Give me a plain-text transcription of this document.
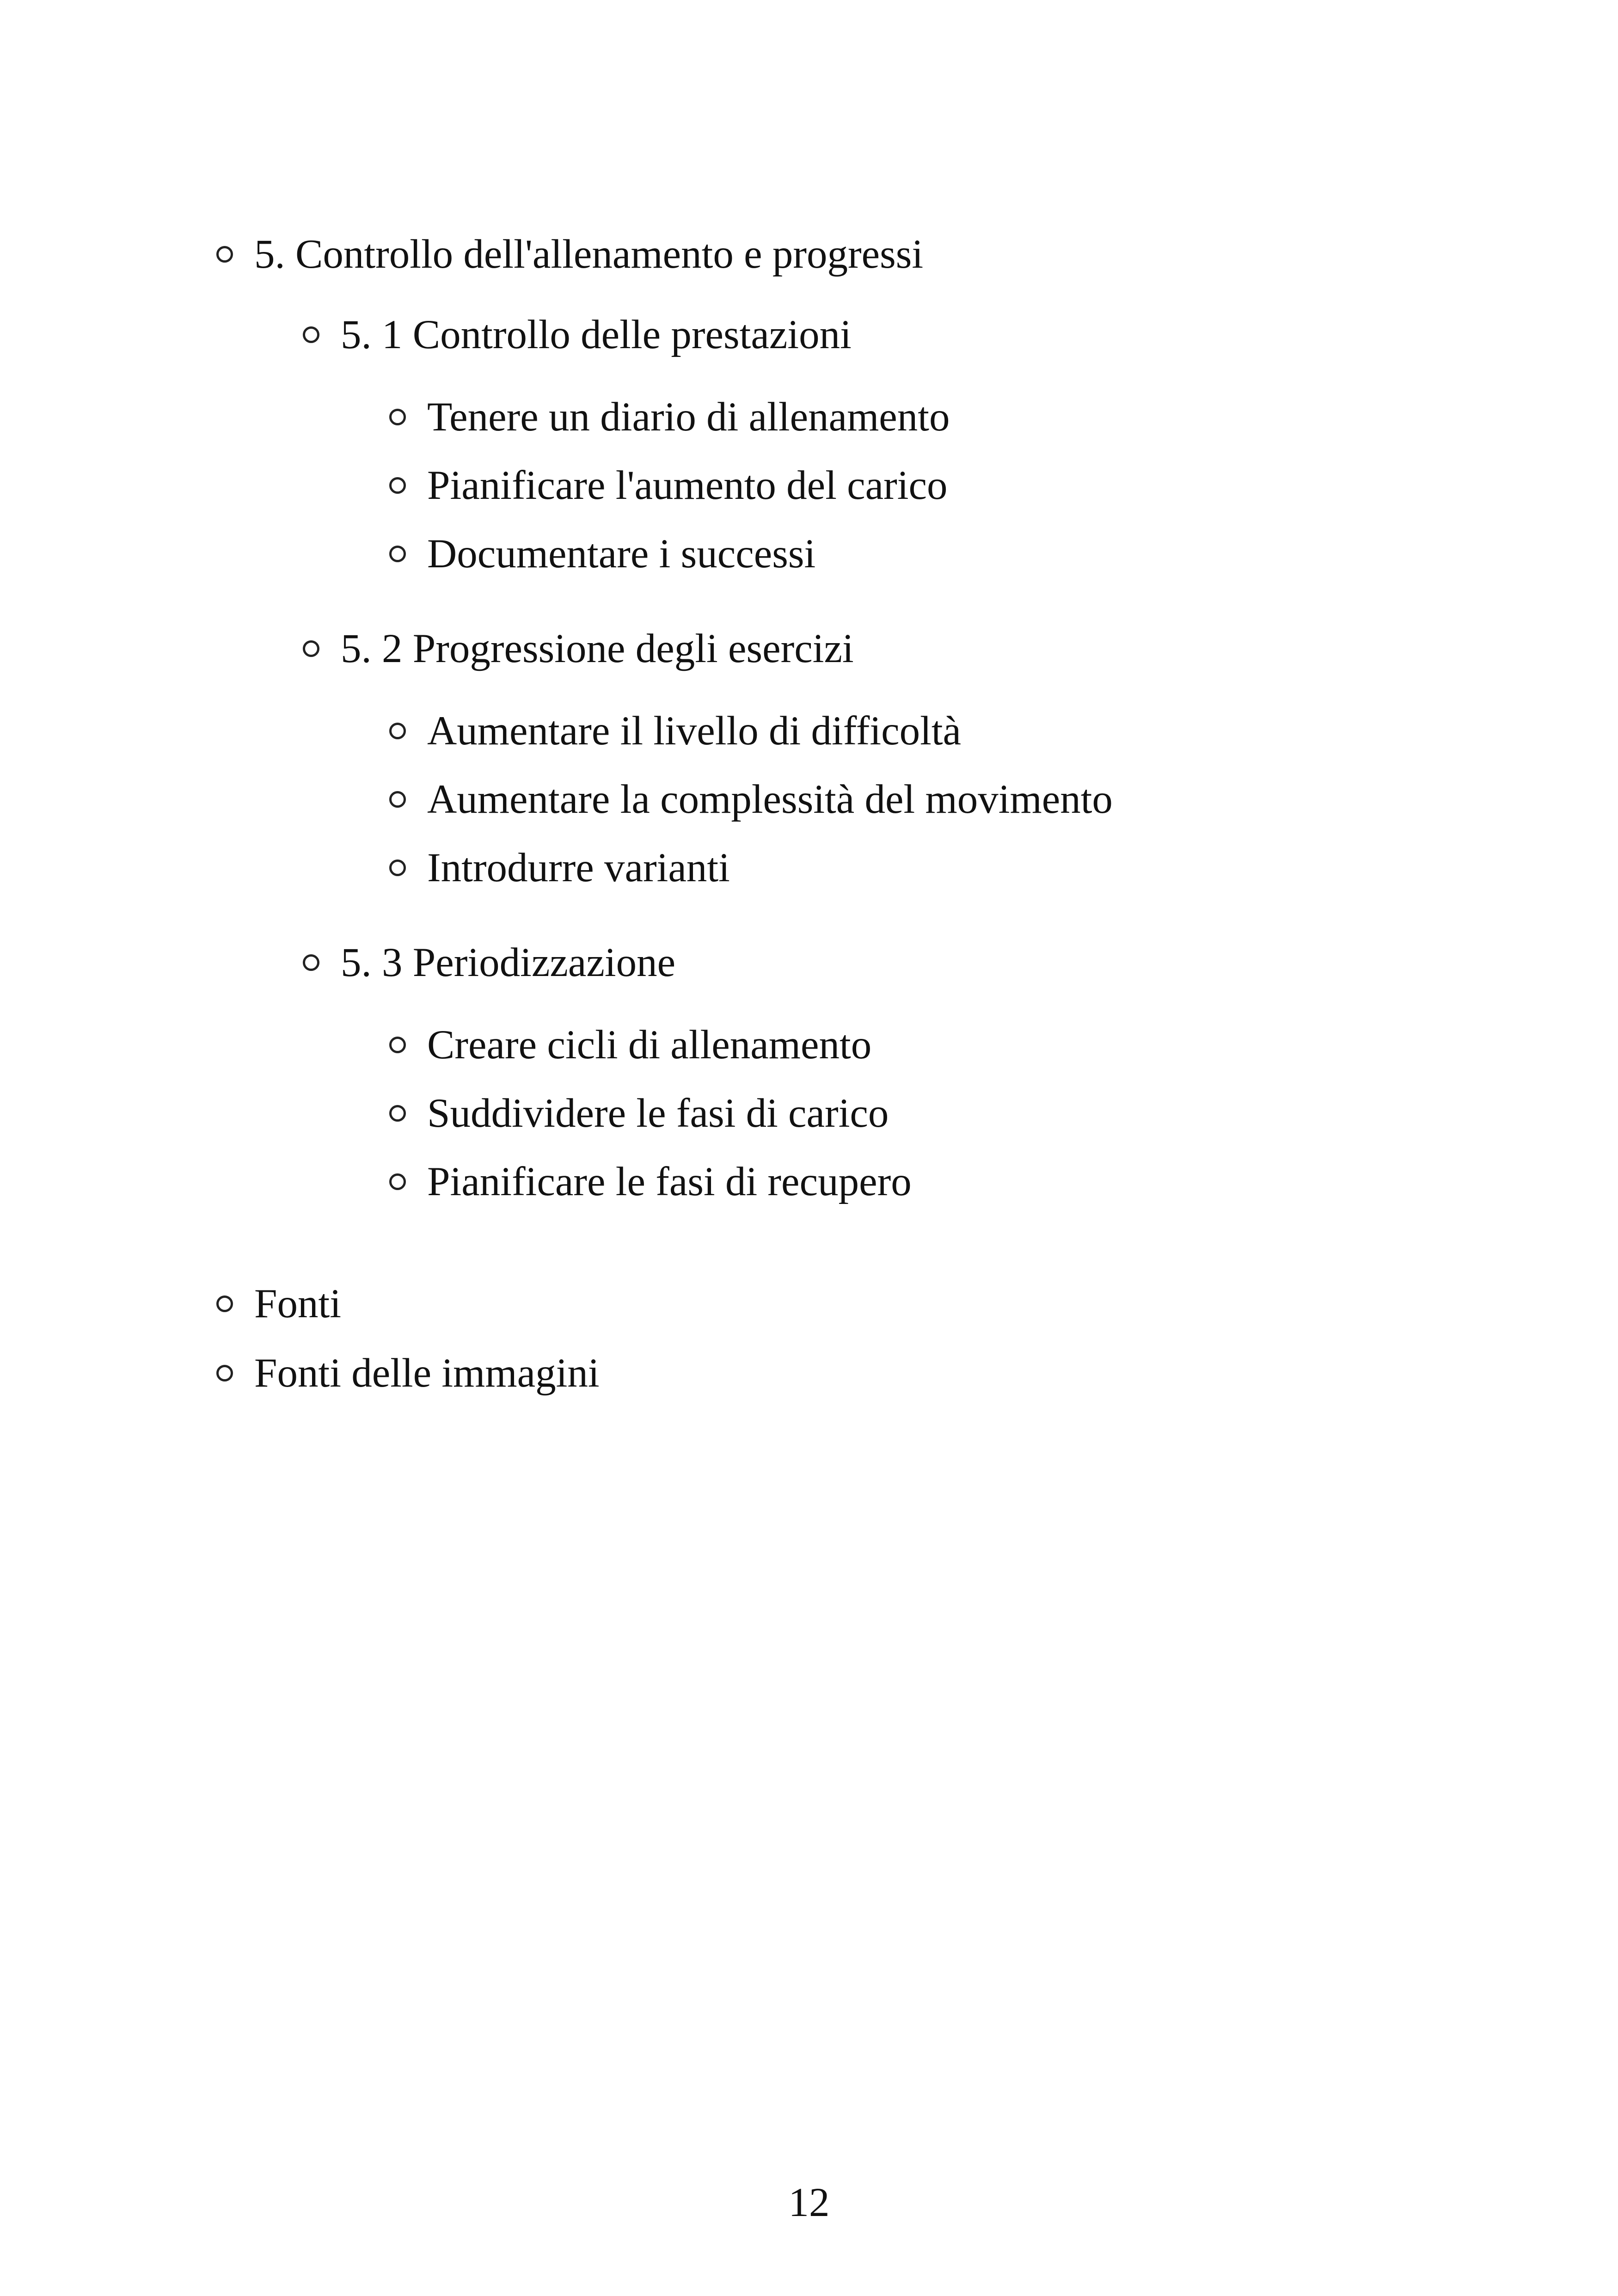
5. Controllo dell'allenamento e progressi
5. 1 Controllo delle prestazioni
Tenere un diario di allenamento
Pianificare l'aumento del carico
Documentare i successi
5. 2 Progressione degli esercizi
Aumentare il livello di difficoltà
Aumentare la complessità del movimento
Introdurre varianti
5. 3 Periodizzazione
Creare cicli di allenamento
Suddividere le fasi di carico
Pianificare le fasi di recupero
Fonti
Fonti delle immagini
12
